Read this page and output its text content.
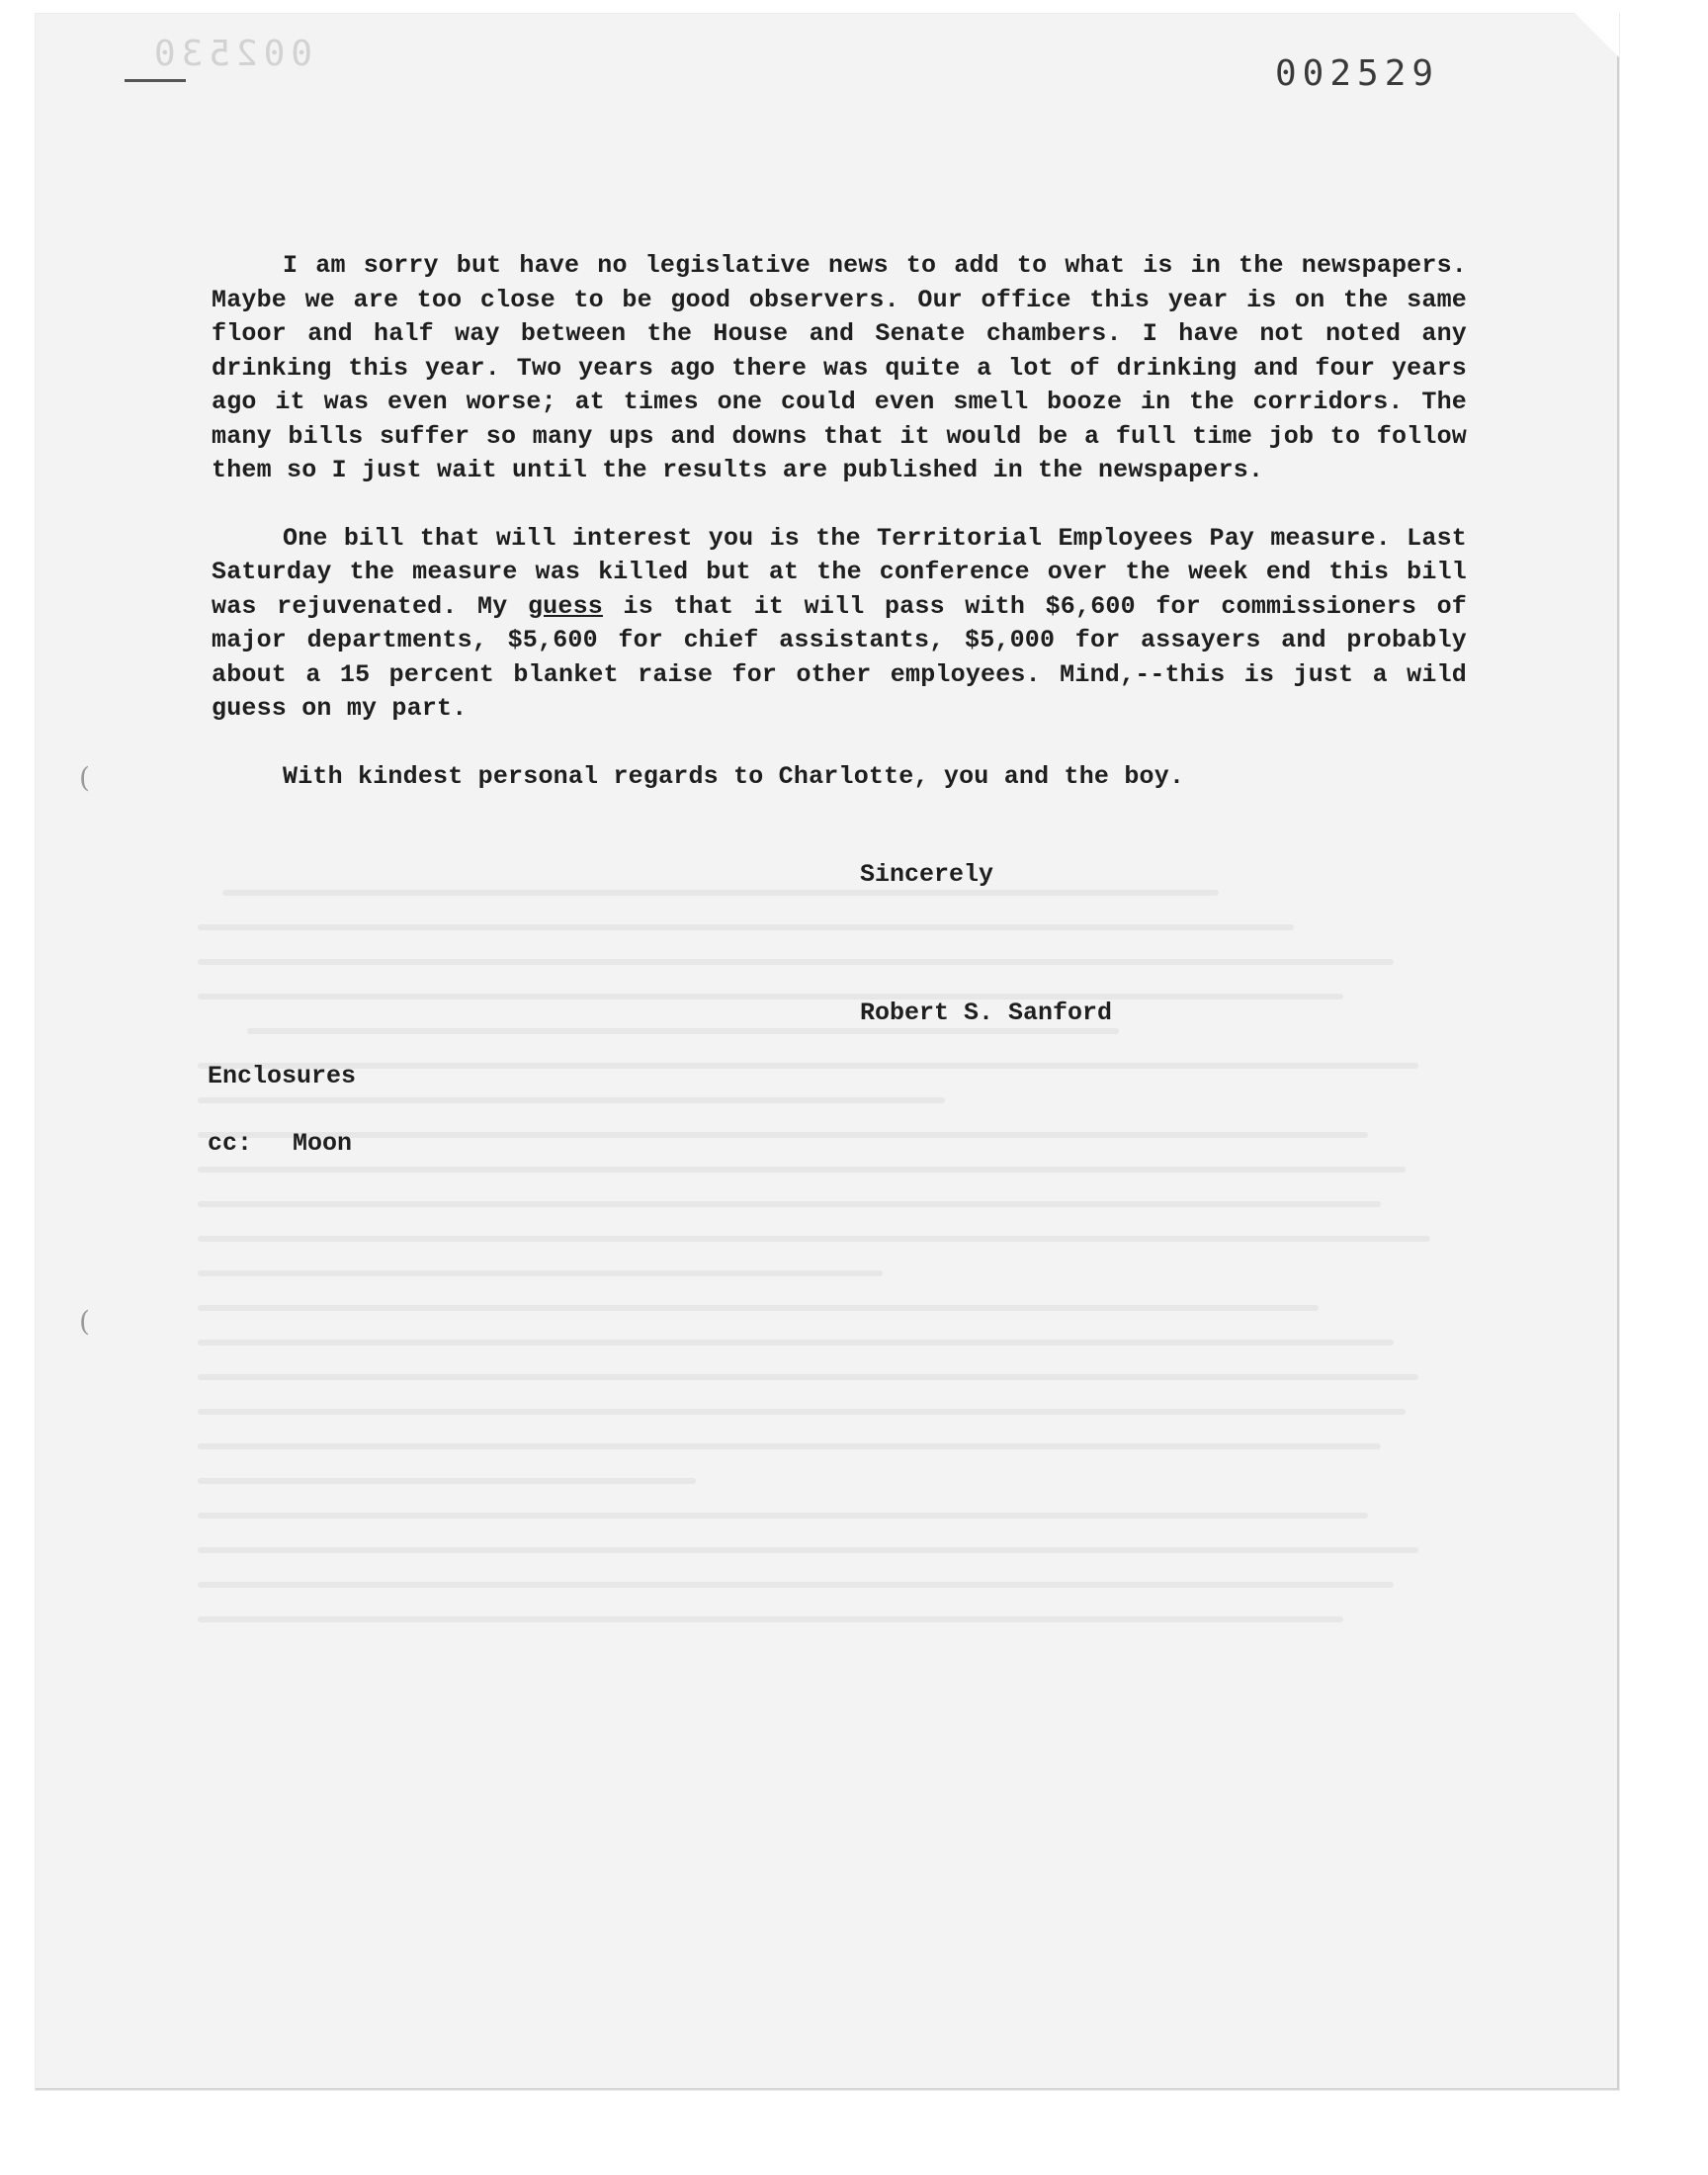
002530	002529
(
(

I am sorry but have no legislative news to add to what is in the newspapers. Maybe we are too close to be good observers. Our office this year is on the same floor and half way between the House and Senate chambers. I have not noted any drinking this year. Two years ago there was quite a lot of drinking and four years ago it was even worse; at times one could even smell booze in the corridors. The many bills suffer so many ups and downs that it would be a full time job to follow them so I just wait until the results are published in the newspapers.

One bill that will interest you is the Territorial Employees Pay measure. Last Saturday the measure was killed but at the conference over the week end this bill was rejuvenated. My guess is that it will pass with $6,600 for commissioners of major departments, $5,600 for chief assistants, $5,000 for assayers and probably about a 15 percent blanket raise for other employees. Mind,--this is just a wild guess on my part.

With kindest personal regards to Charlotte, you and the boy.

Sincerely
Robert S. Sanford
Enclosures
cc: Moon
